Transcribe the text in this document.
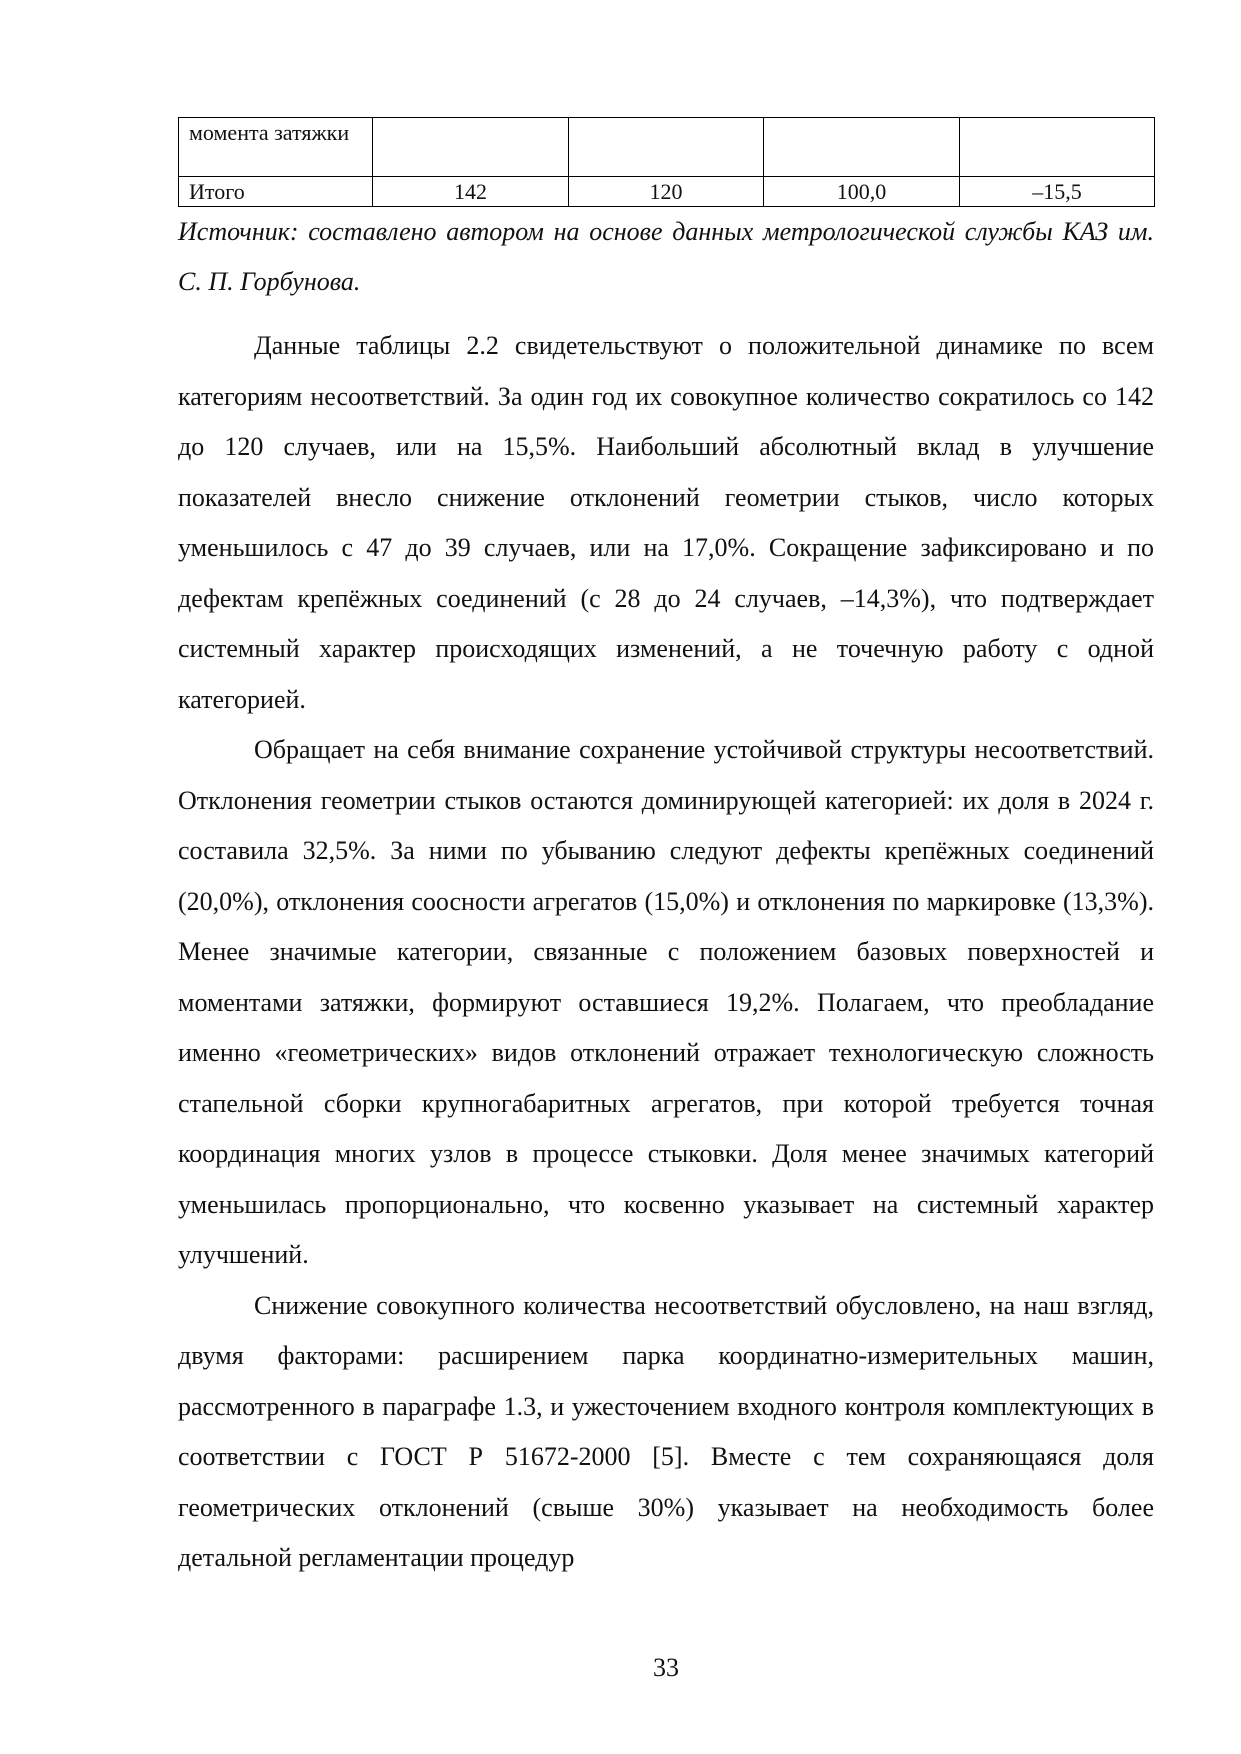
момента затяжки				
Итого	142	120	100,0	–15,5

Источник: составлено автором на основе данных метрологической службы КАЗ им. С. П. Горбунова.

Данные таблицы 2.2 свидетельствуют о положительной динамике по всем категориям несоответствий. За один год их совокупное количество сократилось со 142 до 120 случаев, или на 15,5%. Наибольший абсолютный вклад в улучшение показателей внесло снижение отклонений геометрии стыков, число которых уменьшилось с 47 до 39 случаев, или на 17,0%. Сокращение зафиксировано и по дефектам крепёжных соединений (с 28 до 24 случаев, –14,3%), что подтверждает системный характер происходящих изменений, а не точечную работу с одной категорией.

Обращает на себя внимание сохранение устойчивой структуры несоответствий. Отклонения геометрии стыков остаются доминирующей категорией: их доля в 2024 г. составила 32,5%. За ними по убыванию следуют дефекты крепёжных соединений (20,0%), отклонения соосности агрегатов (15,0%) и отклонения по маркировке (13,3%). Менее значимые категории, связанные с положением базовых поверхностей и моментами затяжки, формируют оставшиеся 19,2%. Полагаем, что преобладание именно «геометрических» видов отклонений отражает технологическую сложность стапельной сборки крупногабаритных агрегатов, при которой требуется точная координация многих узлов в процессе стыковки. Доля менее значимых категорий уменьшилась пропорционально, что косвенно указывает на системный характер улучшений.

Снижение совокупного количества несоответствий обусловлено, на наш взгляд, двумя факторами: расширением парка координатно-измерительных машин, рассмотренного в параграфе 1.3, и ужесточением входного контроля комплектующих в соответствии с ГОСТ Р 51672-2000 [5]. Вместе с тем сохраняющаяся доля геометрических отклонений (свыше 30%) указывает на необходимость более детальной регламентации процедур

33
